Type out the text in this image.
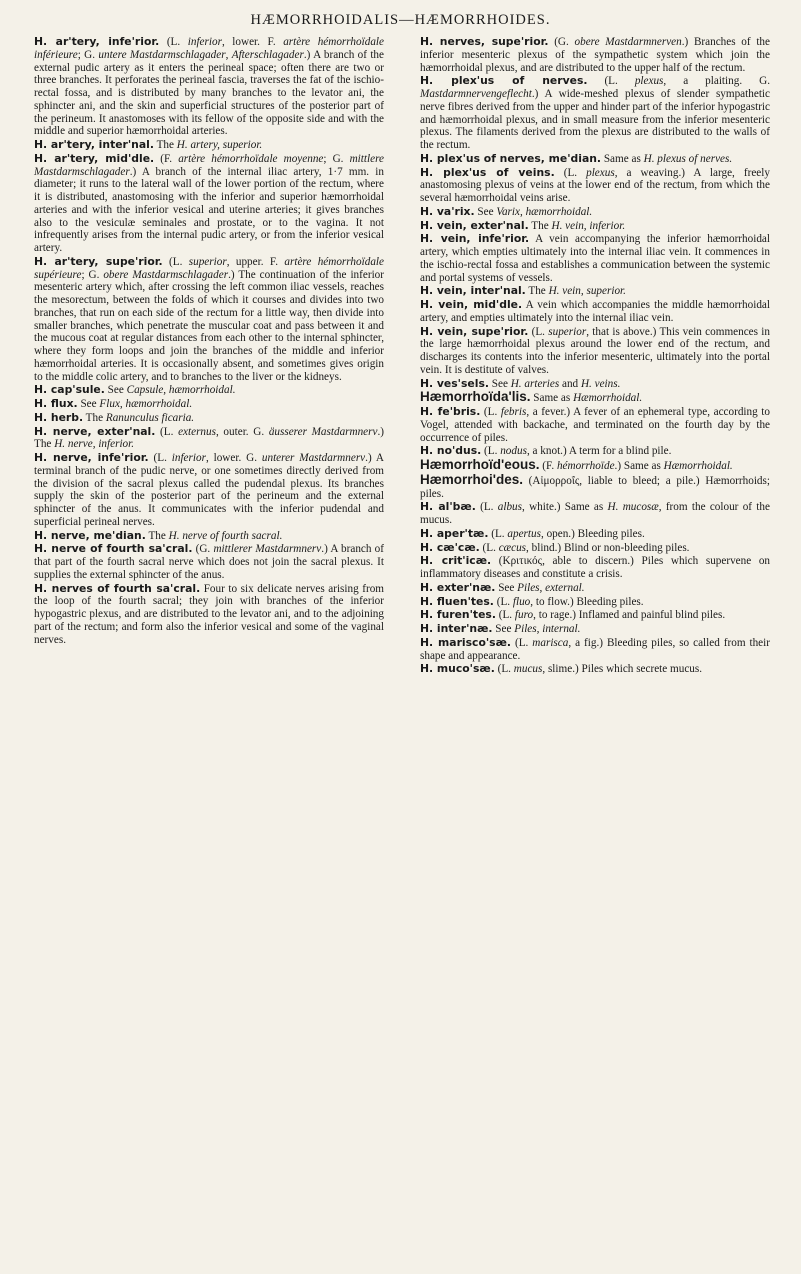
HÆMORRHOIDALIS—HÆMORRHOIDES.

H. ar'tery, infe'rior. (L. inferior, lower. F. artère hémorrhoïdale inférieure; G. untere Mastdarmschlagader, Afterschlagader.) A branch of the external pudic artery as it enters the perineal space; often there are two or three branches. It perforates the perineal fascia, traverses the fat of the ischio-rectal fossa, and is distributed by many branches to the levator ani, the sphincter ani, and the skin and superficial structures of the posterior part of the perineum. It anastomoses with its fellow of the opposite side and with the middle and superior hæmorrhoidal arteries.

H. ar'tery, inter'nal. The H. artery, superior.

H. ar'tery, mid'dle. (F. artère hémorrhoïdale moyenne; G. mittlere Mastdarmschlagader.) A branch of the internal iliac artery, 1·7 mm. in diameter; it runs to the lateral wall of the lower portion of the rectum, where it is distributed, anastomosing with the inferior and superior hæmorrhoidal arteries and with the inferior vesical and uterine arteries; it gives branches also to the vesiculæ seminales and prostate, or to the vagina. It not infrequently arises from the internal pudic artery, or from the inferior vesical artery.

H. ar'tery, supe'rior. (L. superior, upper. F. artère hémorrhoïdale supérieure; G. obere Mastdarmschlagader.) The continuation of the inferior mesenteric artery which, after crossing the left common iliac vessels, reaches the mesorectum, between the folds of which it courses and divides into two branches, that run on each side of the rectum for a little way, then divide into smaller branches, which penetrate the muscular coat and pass between it and the mucous coat at regular distances from each other to the internal sphincter, where they form loops and join the branches of the middle and inferior hæmorrhoidal arteries. It is occasionally absent, and sometimes gives origin to the middle colic artery, and to branches to the liver or the kidneys.

H. cap'sule. See Capsule, hæmorrhoidal.

H. flux. See Flux, hæmorrhoidal.

H. herb. The Ranunculus ficaria.

H. nerve, exter'nal. (L. externus, outer. G. äusserer Mastdarmnerv.) The H. nerve, inferior.

H. nerve, infe'rior. (L. inferior, lower. G. unterer Mastdarmnerv.) A terminal branch of the pudic nerve, or one sometimes directly derived from the division of the sacral plexus called the pudendal plexus. Its branches supply the skin of the posterior part of the perineum and the external sphincter of the anus. It communicates with the inferior pudendal and superficial perineal nerves.

H. nerve, me'dian. The H. nerve of fourth sacral.

H. nerve of fourth sa'cral. (G. mittlerer Mastdarmnerv.) A branch of that part of the fourth sacral nerve which does not join the sacral plexus. It supplies the external sphincter of the anus.

H. nerves of fourth sa'cral. Four to six delicate nerves arising from the loop of the fourth sacral; they join with branches of the inferior hypogastric plexus, and are distributed to the levator ani, and to the adjoining part of the rectum; and form also the inferior vesical and some of the vaginal nerves.

H. nerves, supe'rior. (G. obere Mastdarmnerven.) Branches of the inferior mesenteric plexus of the sympathetic system which join the hæmorrhoidal plexus, and are distributed to the upper half of the rectum.

H. plex'us of nerves. (L. plexus, a plaiting. G. Mastdarmnervengeflecht.) A wide-meshed plexus of slender sympathetic nerve fibres derived from the upper and hinder part of the inferior hypogastric and hæmorrhoidal plexus, and in small measure from the inferior mesenteric plexus. The filaments derived from the plexus are distributed to the walls of the rectum.

H. plex'us of nerves, me'dian. Same as H. plexus of nerves.

H. plex'us of veins. (L. plexus, a weaving.) A large, freely anastomosing plexus of veins at the lower end of the rectum, from which the several hæmorrhoidal veins arise.

H. va'rix. See Varix, hæmorrhoidal.

H. vein, exter'nal. The H. vein, inferior.

H. vein, infe'rior. A vein accompanying the inferior hæmorrhoidal artery, which empties ultimately into the internal iliac vein. It commences in the ischio-rectal fossa and establishes a communication between the systemic and portal systems of vessels.

H. vein, inter'nal. The H. vein, superior.

H. vein, mid'dle. A vein which accompanies the middle hæmorrhoidal artery, and empties ultimately into the internal iliac vein.

H. vein, supe'rior. (L. superior, that is above.) This vein commences in the large hæmorrhoidal plexus around the lower end of the rectum, and discharges its contents into the inferior mesenteric, ultimately into the portal vein. It is destitute of valves.

H. ves'sels. See H. arteries and H. veins.

Hæmorrhoïda'lis. Same as Hæmorrhoidal.

H. fe'bris. (L. febris, a fever.) A fever of an ephemeral type, according to Vogel, attended with backache, and terminated on the fourth day by the occurrence of piles.

H. no'dus. (L. nodus, a knot.) A term for a blind pile.

Hæmorrhoïd'eous. (F. hémorrhoïde.) Same as Hæmorrhoidal.

Hæmorrhoi'des. (Αἱμορροΐς, liable to bleed; a pile.) Hæmorrhoids; piles.

H. al'bæ. (L. albus, white.) Same as H. mucosæ, from the colour of the mucus.

H. aper'tæ. (L. apertus, open.) Bleeding piles.

H. cæ'cæ. (L. cæcus, blind.) Blind or non-bleeding piles.

H. crit'icæ. (Κριτικός, able to discern.) Piles which supervene on inflammatory diseases and constitute a crisis.

H. exter'næ. See Piles, external.

H. fluen'tes. (L. fluo, to flow.) Bleeding piles.

H. furen'tes. (L. furo, to rage.) Inflamed and painful blind piles.

H. inter'næ. See Piles, internal.

H. marisco'sæ. (L. marisca, a fig.) Bleeding piles, so called from their shape and appearance.

H. muco'sæ. (L. mucus, slime.) Piles which secrete mucus.
